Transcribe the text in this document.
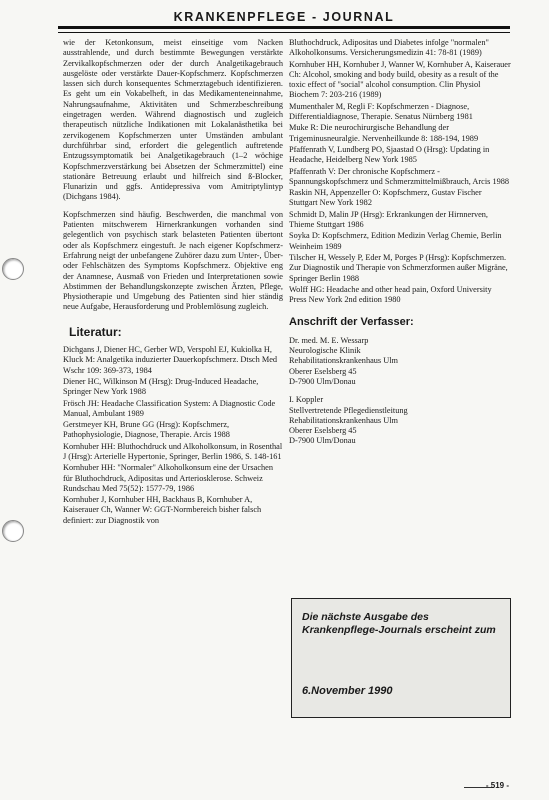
KRANKENPFLEGE - JOURNAL

wie der Ketonkonsum, meist einseitige vom Nacken ausstrahlende, und durch bestimmte Bewegungen verstärkte Zervikalkopfschmerzen oder der durch Analgetikagebrauch ausgelöste oder verstärkte Dauer-Kopfschmerz. Kopfschmerzen lassen sich durch konsequentes Schmerztagebuch identifizieren. Es geht um ein Vokabelheft, in das Medikamenteneinnahme, Nahrungsaufnahme, Aktivitäten und Schmerzbeschreibung eingetragen werden. Während diagnostisch und zugleich therapeutisch nützliche Indikationen mit Lokalanästhetika bei zervikogenem Kopfschmerzen unter Umständen ambulant durchführbar sind, erfordert die gelegentlich auftretende Entzugssymptomatik bei Analgetikagebrauch (1–2 wöchige Kopfschmerzverstärkung bei Absetzen der Schmerzmittel) eine stationäre Betreuung erlaubt und hilfreich sind ß-Blocker, Flunarizin und ggfs. Antidepressiva vom Amitriptylintyp (Dichgans 1984).

Kopfschmerzen sind häufig. Beschwerden, die manchmal von Patienten mitschwerem Hirnerkrankungen vorhanden sind gelegentlich von psychisch stark belasteten Patienten übertont oder als Kopfschmerz eingestuft. Je nach eigener Kopfschmerz-Erfahrung neigt der unbefangene Zuhörer dazu zum Unter-, Über- oder Fehlschätzen des Symptoms Kopfschmerz. Objektive eng der Anamnese, Ausmaß von Frieden und Interpretationen sowie Abstimmen der Behandlungskonzepte zwischen Ärzten, Pflege, Physiotherapie und Umgebung des Patienten sind hier ständig neue Aufgabe, Herausforderung und Problemlösung zugleich.

Literatur:

Dichgans J, Diener HC, Gerber WD, Verspohl EJ, Kukiolka H, Kluck M: Analgetika induzierter Dauerkopfschmerz. Dtsch Med Wschr 109: 369-373, 1984

Diener HC, Wilkinson M (Hrsg): Drug-Induced Headache, Springer New York 1988

Frösch JH: Headache Classification System: A Diagnostic Code Manual, Ambulant 1989

Gerstmeyer KH, Brune GG (Hrsg): Kopfschmerz, Pathophysiologie, Diagnose, Therapie. Arcis 1988

Kornhuber HH: Bluthochdruck und Alkoholkonsum, in Rosenthal J (Hrsg): Arterielle Hypertonie, Springer, Berlin 1986, S. 148-161

Kornhuber HH: "Normaler" Alkoholkonsum eine der Ursachen für Bluthochdruck, Adipositas und Arteriosklerose. Schweiz Rundschau Med 75(52): 1577-79, 1986

Kornhuber J, Kornhuber HH, Backhaus B, Kornhuber A, Kaiserauer Ch, Wanner W: GGT-Normbereich bisher falsch definiert: zur Diagnostik von

Bluthochdruck, Adipositas und Diabetes infolge "normalen" Alkoholkonsums. Versicherungsmedizin 41: 78-81 (1989)

Kornhuber HH, Kornhuber J, Wanner W, Kornhuber A, Kaiserauer Ch: Alcohol, smoking and body build, obesity as a result of the toxic effect of "social" alcohol consumption. Clin Physiol Biochem 7: 203-216 (1989)

Mumenthaler M, Regli F: Kopfschmerzen - Diagnose, Differentialdiagnose, Therapie. Senatus Nürnberg 1981

Muke R: Die neurochirurgische Behandlung der Trigeminusneuralgie. Nervenheilkunde 8: 188-194, 1989

Pfaffenrath V, Lundberg PO, Sjaastad O (Hrsg): Updating in Headache, Heidelberg New York 1985

Pfaffenrath V: Der chronische Kopfschmerz - Spannungskopfschmerz und Schmerzmittelmißbrauch, Arcis 1988

Raskin NH, Appenzeller O: Kopfschmerz, Gustav Fischer Stuttgart New York 1982

Schmidt D, Malin JP (Hrsg): Erkrankungen der Hirnnerven, Thieme Stuttgart 1986

Soyka D: Kopfschmerz, Edition Medizin Verlag Chemie, Berlin Weinheim 1989

Tilscher H, Wessely P, Eder M, Porges P (Hrsg): Kopfschmerzen. Zur Diagnostik und Therapie von Schmerzformen außer Migräne, Springer Berlin 1988

Wolff HG: Headache and other head pain, Oxford University Press New York 2nd edition 1980

Anschrift der Verfasser:
Dr. med. M. E. Wessarp
Neurologische Klinik
Rehabilitationskrankenhaus Ulm
Oberer Eselsberg 45
D-7900 Ulm/Donau
I. Koppler
Stellvertretende Pflegedienstleitung
Rehabilitationskrankenhaus Ulm
Oberer Eselsberg 45
D-7900 Ulm/Donau
Die nächste Ausgabe des Krankenpflege-Journals erscheint zum
6.November 1990
- 519 -
